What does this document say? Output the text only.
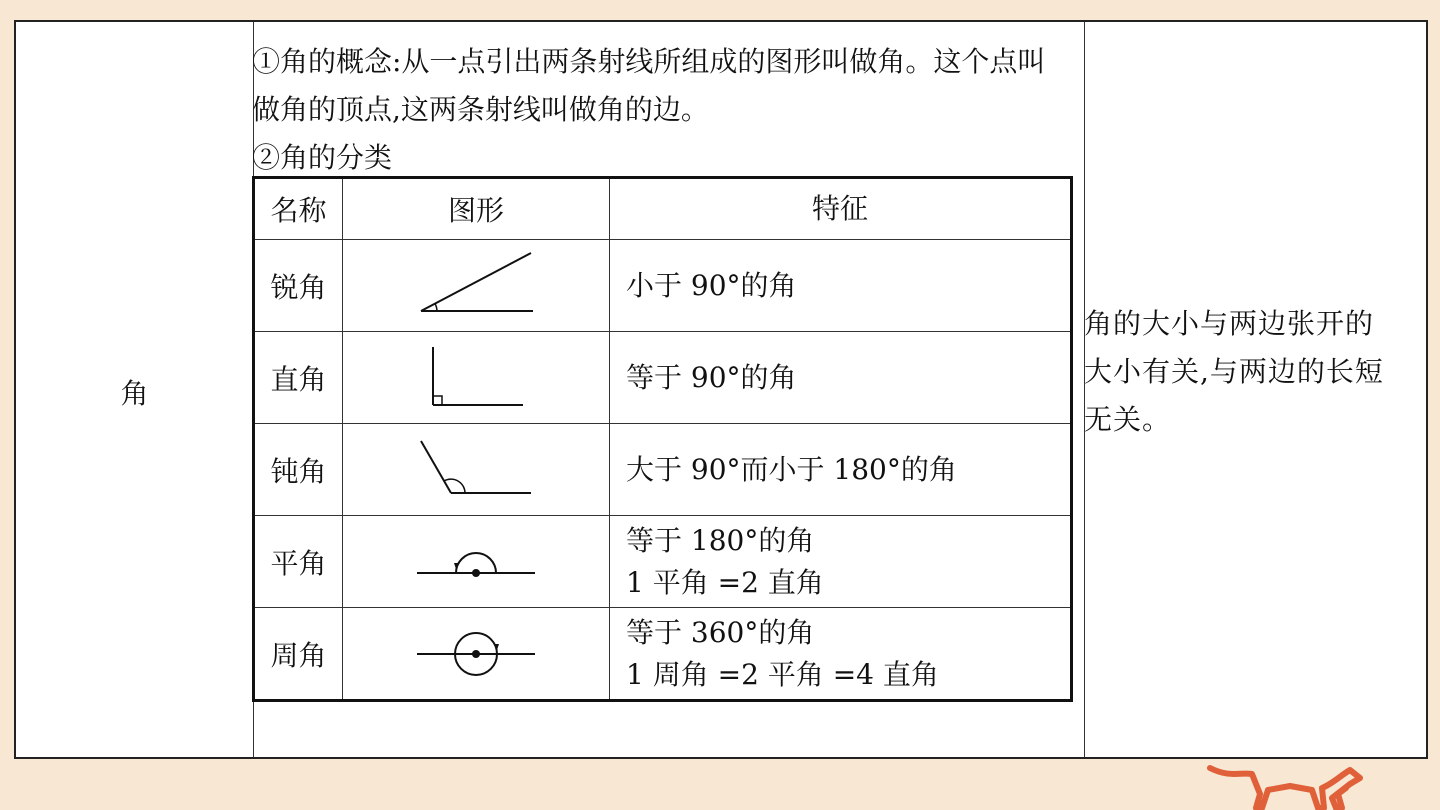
角

①角的概念:从一点引出两条射线所组成的图形叫做角。这个点叫做角的顶点,这两条射线叫做角的边。

②角的分类

名称	图形	特征
锐角		小于 90°的角

直角		等于 90°的角

钝角		大于 90°而小于 180°的角

平角		等于 180°的角
1 平角 =2 直角

周角		等于 360°的角
1 周角 =2 平角 =4 直角
角的大小与两边张开的大小有关,与两边的长短无关。
